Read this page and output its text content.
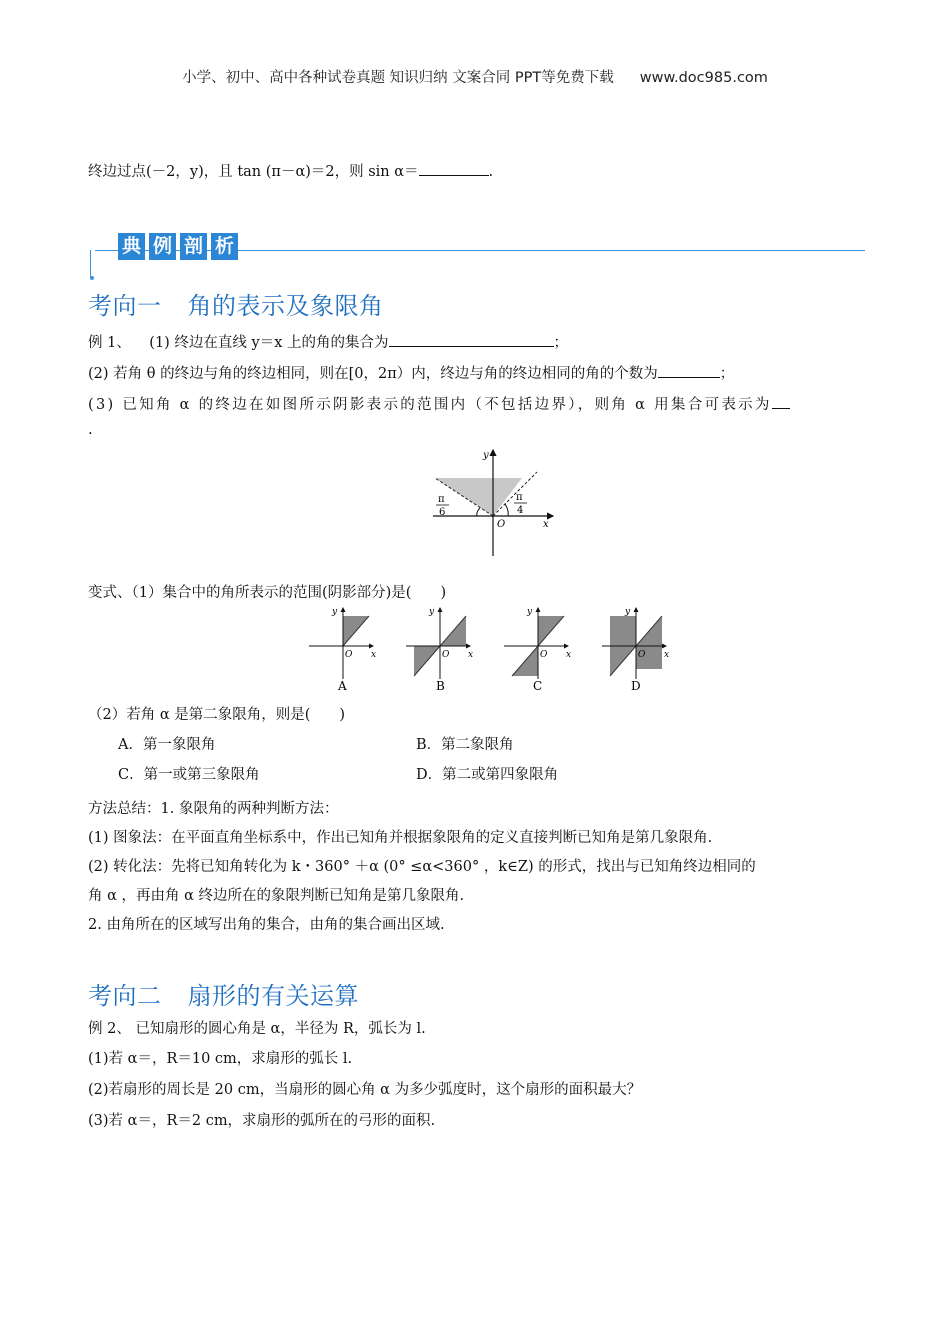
小学、初中、高中各种试卷真题 知识归纳 文案合同 PPT等免费下载 www.doc985.com
终边过点(－2，y)，且 tan (π－α)＝2，则 sin α＝	.
典 例 剖 析
考向一 角的表示及象限角
例 1、 (1) 终边在直线 y＝x 上的角的集合为	；
(2) 若角 θ 的终边与角的终边相同，则在[0，2π）内，终边与角的终边相同的角的个数为	；
(3) 已知角 α 的终边在如图所示阴影表示的范围内（不包括边界），则角 α 用集合可表示为
.
y
x
O
π
6
π
4
变式、（1）集合中的角所表示的范围(阴影部分)是(　　)
y
x
O
A
y
x
O
B
y
x
O
C
y
x
O
D
（2）若角 α 是第二象限角，则是(　　)
A．第一象限角	B．第二象限角
C．第一或第三象限角	D．第二或第四象限角
方法总结：1. 象限角的两种判断方法：
(1) 图象法：在平面直角坐标系中，作出已知角并根据象限角的定义直接判断已知角是第几象限角.
(2) 转化法：先将已知角转化为 k・360° ＋α (0° ≤α<360° ，k∈Z) 的形式，找出与已知角终边相同的
角 α ，再由角 α 终边所在的象限判断已知角是第几象限角.
2. 由角所在的区域写出角的集合，由角的集合画出区域.
考向二 扇形的有关运算
例 2、 已知扇形的圆心角是 α，半径为 R，弧长为 l.
(1)若 α＝，R＝10 cm，求扇形的弧长 l.
(2)若扇形的周长是 20 cm，当扇形的圆心角 α 为多少弧度时，这个扇形的面积最大？
(3)若 α＝，R＝2 cm，求扇形的弧所在的弓形的面积.
